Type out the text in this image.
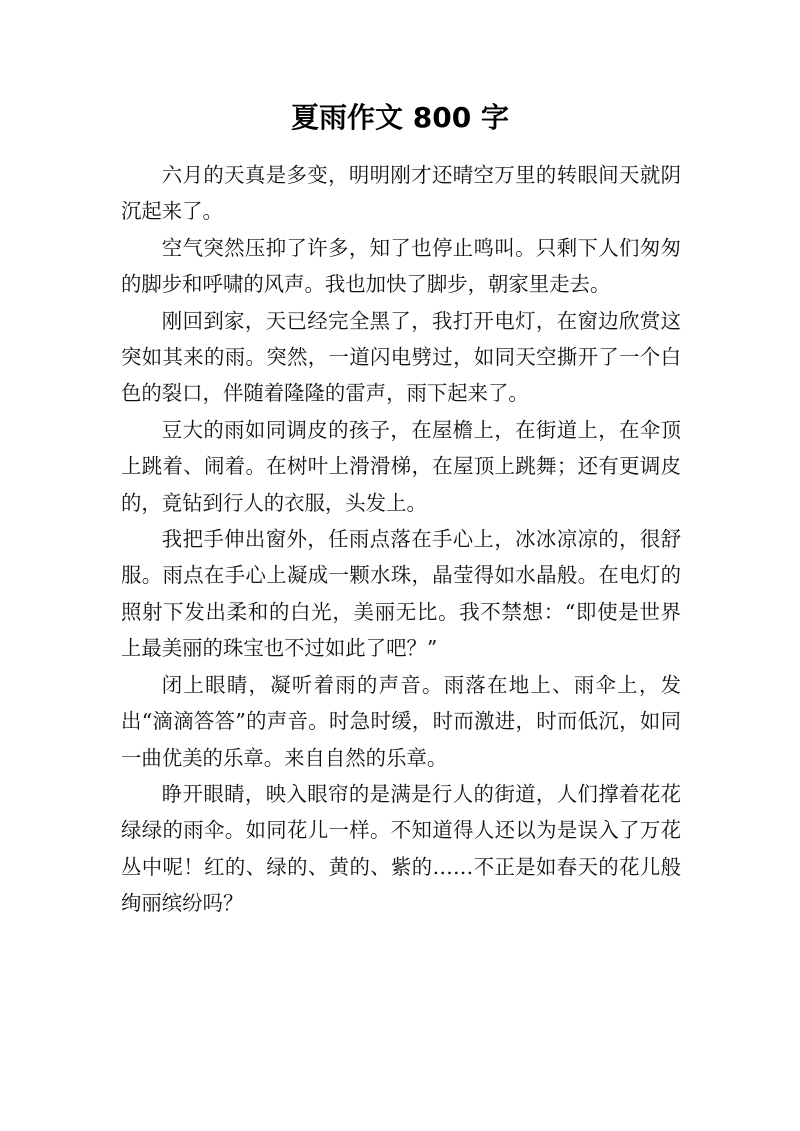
夏雨作文 800 字

六月的天真是多变，明明刚才还晴空万里的转眼间天就阴沉起来了。

空气突然压抑了许多，知了也停止鸣叫。只剩下人们匆匆的脚步和呼啸的风声。我也加快了脚步，朝家里走去。

刚回到家，天已经完全黑了，我打开电灯，在窗边欣赏这突如其来的雨。突然，一道闪电劈过，如同天空撕开了一个白色的裂口，伴随着隆隆的雷声，雨下起来了。

豆大的雨如同调皮的孩子，在屋檐上，在街道上，在伞顶上跳着、闹着。在树叶上滑滑梯，在屋顶上跳舞；还有更调皮的，竟钻到行人的衣服，头发上。

我把手伸出窗外，任雨点落在手心上，冰冰凉凉的，很舒服。雨点在手心上凝成一颗水珠，晶莹得如水晶般。在电灯的照射下发出柔和的白光，美丽无比。我不禁想：“即使是世界上最美丽的珠宝也不过如此了吧？”

闭上眼睛，凝听着雨的声音。雨落在地上、雨伞上，发出“滴滴答答”的声音。时急时缓，时而激进，时而低沉，如同一曲优美的乐章。来自自然的乐章。

睁开眼睛，映入眼帘的是满是行人的街道，人们撑着花花绿绿的雨伞。如同花儿一样。不知道得人还以为是误入了万花丛中呢！红的、绿的、黄的、紫的……不正是如春天的花儿般绚丽缤纷吗？
